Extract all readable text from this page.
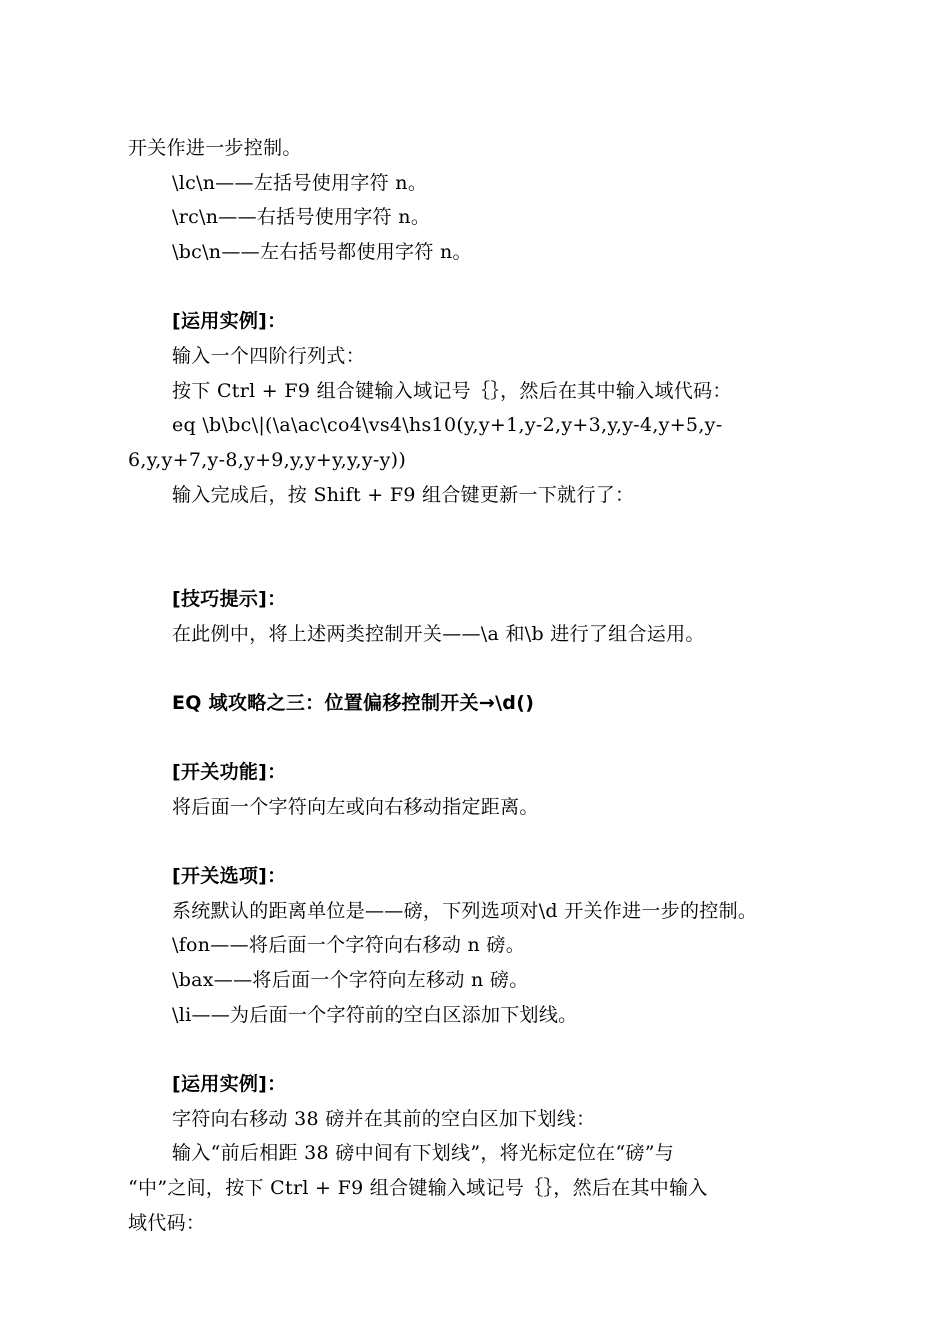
开关作进一步控制。
\lc\n——左括号使用字符 n。
\rc\n——右括号使用字符 n。
\bc\n——左右括号都使用字符 n。
[运用实例]：
输入一个四阶行列式：
按下 Ctrl + F9 组合键输入域记号｛｝，然后在其中输入域代码：
eq \b\bc\|(\a\ac\co4\vs4\hs10(y,y+1,y-2,y+3,y,y-4,y+5,y-
6,y,y+7,y-8,y+9,y,y+y,y,y-y))
输入完成后，按 Shift + F9 组合键更新一下就行了：
[技巧提示]：
在此例中，将上述两类控制开关——\a 和\b 进行了组合运用。
EQ 域攻略之三：位置偏移控制开关→\d()
[开关功能]：
将后面一个字符向左或向右移动指定距离。
[开关选项]：
系统默认的距离单位是——磅，下列选项对\d 开关作进一步的控制。
\fon——将后面一个字符向右移动 n 磅。
\bax——将后面一个字符向左移动 n 磅。
\li——为后面一个字符前的空白区添加下划线。
[运用实例]：
字符向右移动 38 磅并在其前的空白区加下划线：
输入“前后相距 38 磅中间有下划线”，将光标定位在“磅”与
“中”之间，按下 Ctrl + F9 组合键输入域记号｛｝，然后在其中输入
域代码：
